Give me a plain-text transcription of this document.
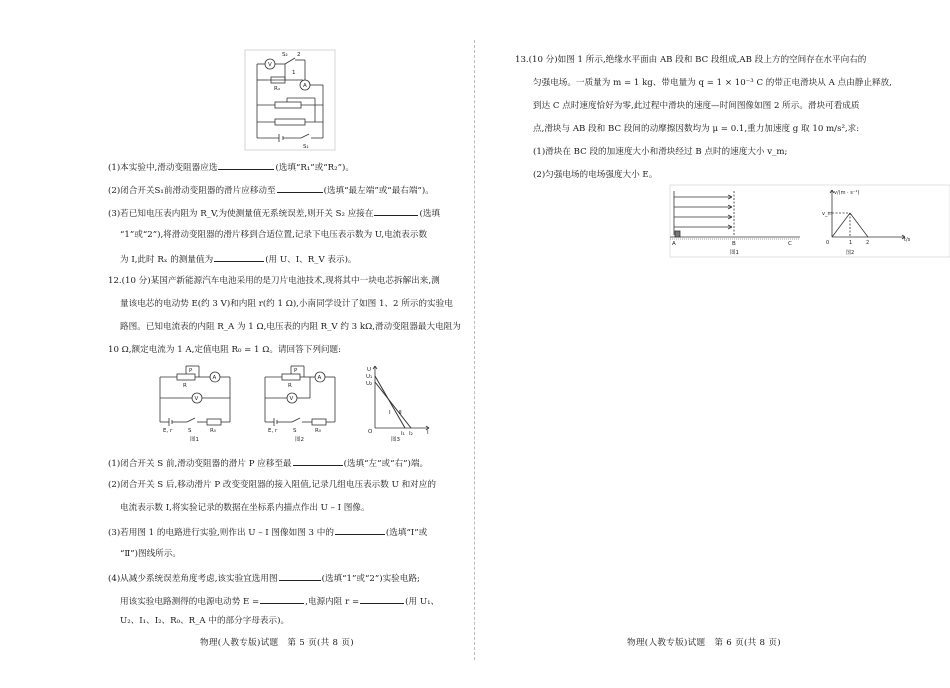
S₂ 2
1
V
A
Rₓ
S₁
(1)本实验中,滑动变阻器应选	(选填“R₁”或“R₂”)。
(2)闭合开关S₁前滑动变阻器的滑片应移动至	(选填“最左端”或“最右端”)。
(3)若已知电压表内阻为 R_V,为使测量值无系统误差,则开关 S₂ 应接在	(选填
“1”或“2”),将滑动变阻器的滑片移到合适位置,记录下电压表示数为 U,电流表示数
为 I,此时 Rₓ 的测量值为	(用 U、I、R_V 表示)。
12.(10 分)某国产新能源汽车电池采用的是刀片电池技术,现将其中一块电芯拆解出来,测
量该电芯的电动势 E(约 3 V)和内阻 r(约 1 Ω),小南同学设计了如图 1、2 所示的实验电
路图。已知电流表的内阻 R_A 为 1 Ω,电压表的内阻 R_V 约 3 kΩ,滑动变阻器最大电阻为
10 Ω,额定电流为 1 A,定值电阻 R₀ = 1 Ω。请回答下列问题:
P
R
A
V
E, r	S	R₀
图1
P
R
A
V
E, r	S	R₀
图2
U
U₁
U₂
O	I₁ I₂	I
Ⅰ Ⅱ
图3
(1)闭合开关 S 前,滑动变阻器的滑片 P 应移至最	(选填“左”或“右”)端。
(2)闭合开关 S 后,移动滑片 P 改变变阻器的接入阻值,记录几组电压表示数 U 和对应的
电流表示数 I,将实验记录的数据在坐标系内描点作出 U – I 图像。
(3)若用图 1 的电路进行实验,则作出 U – I 图像如图 3 中的	(选填“Ⅰ”或
“Ⅱ”)图线所示。
(4)从减少系统误差角度考虑,该实验宜选用图	(选填“1”或“2”)实验电路;
用该实验电路测得的电源电动势 E =	,电源内阻 r =	(用 U₁、
U₂、I₁、I₂、R₀、R_A 中的部分字母表示)。
物理(人教专版)试题　第 5 页(共 8 页)
13.(10 分)如图 1 所示,绝缘水平面由 AB 段和 BC 段组成,AB 段上方的空间存在水平向右的
匀强电场。一质量为 m = 1 kg、带电量为 q = 1 × 10⁻³ C 的带正电滑块从 A 点由静止释放,
到达 C 点时速度恰好为零,此过程中滑块的速度—时间图像如图 2 所示。滑块可看成质
点,滑块与 AB 段和 BC 段间的动摩擦因数均为 μ = 0.1,重力加速度 g 取 10 m/s²,求:
(1)滑块在 BC 段的加速度大小和滑块经过 B 点时的速度大小 v_m;
(2)匀强电场的电场强度大小 E。
A	B	C
图1
v/(m · s⁻¹)
v_m
0	1	2	t/s
图2
物理(人教专版)试题　第 6 页(共 8 页)
